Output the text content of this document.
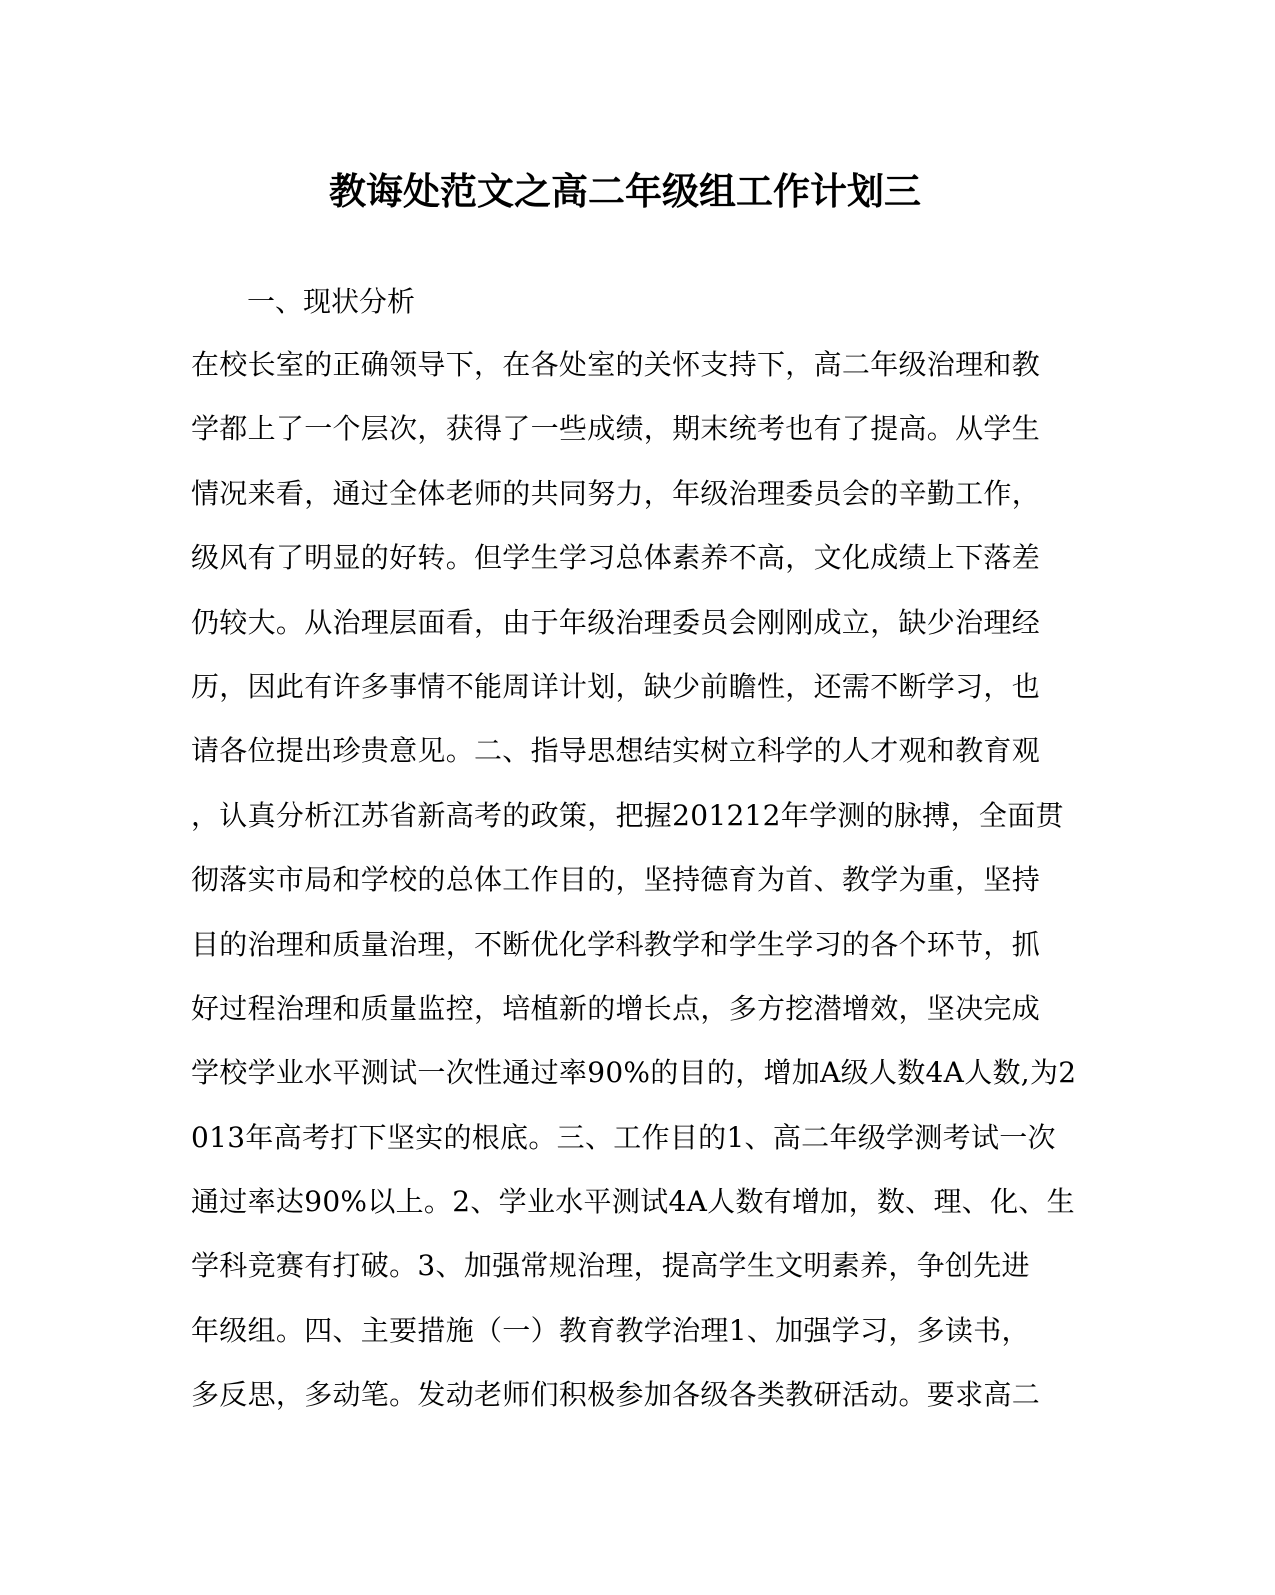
教诲处范文之高二年级组工作计划三

一、现状分析

在校长室的正确领导下，在各处室的关怀支持下，高二年级治理和教
学都上了一个层次，获得了一些成绩，期末统考也有了提高。从学生
情况来看，通过全体老师的共同努力，年级治理委员会的辛勤工作，
级风有了明显的好转。但学生学习总体素养不高，文化成绩上下落差
仍较大。从治理层面看，由于年级治理委员会刚刚成立，缺少治理经
历，因此有许多事情不能周详计划，缺少前瞻性，还需不断学习，也
请各位提出珍贵意见。二、指导思想结实树立科学的人才观和教育观
，认真分析江苏省新高考的政策，把握201212年学测的脉搏，全面贯
彻落实市局和学校的总体工作目的，坚持德育为首、教学为重，坚持
目的治理和质量治理，不断优化学科教学和学生学习的各个环节，抓
好过程治理和质量监控，培植新的增长点，多方挖潜增效，坚决完成
学校学业水平测试一次性通过率90%的目的，增加A级人数4A人数,为2
013年高考打下坚实的根底。三、工作目的1、高二年级学测考试一次
通过率达90%以上。2、学业水平测试4A人数有增加，数、理、化、生
学科竞赛有打破。3、加强常规治理，提高学生文明素养，争创先进
年级组。四、主要措施（一）教育教学治理1、加强学习，多读书，
多反思，多动笔。发动老师们积极参加各级各类教研活动。要求高二
